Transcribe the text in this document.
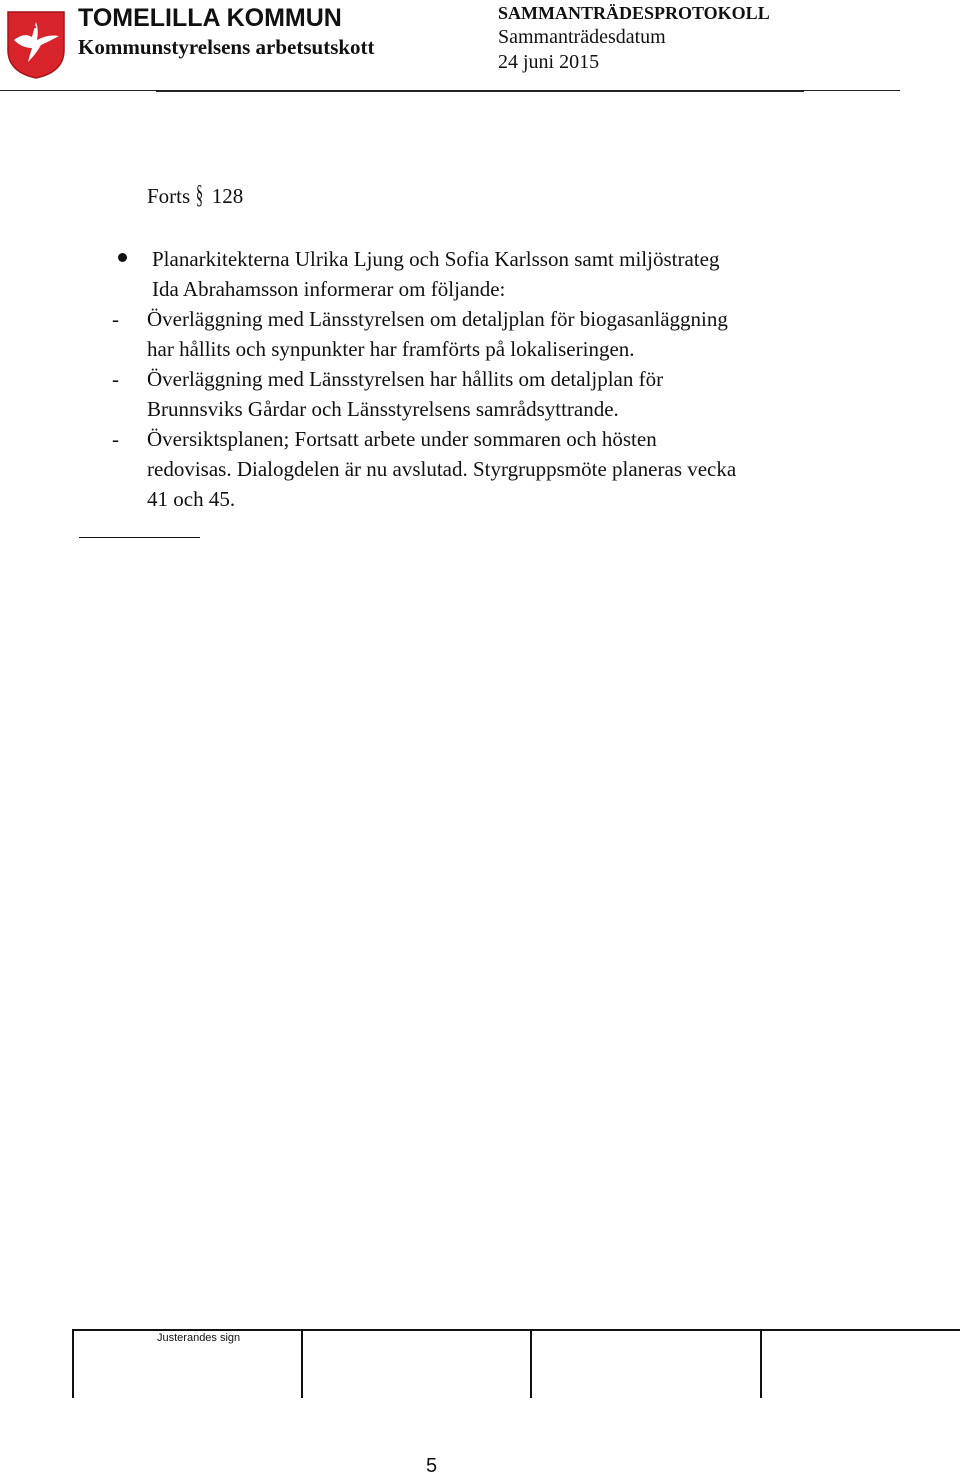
TOMELILLA KOMMUN
Kommunstyrelsens arbetsutskott
SAMMANTRÄDESPROTOKOLL
Sammanträdesdatum
24 juni 2015
Forts § 128
Planarkitekterna Ulrika Ljung och Sofia Karlsson samt miljöstrateg
Ida Abrahamsson informerar om följande:
- Överläggning med Länsstyrelsen om detaljplan för biogasanläggning
har hållits och synpunkter har framförts på lokaliseringen.
- Överläggning med Länsstyrelsen har hållits om detaljplan för
Brunnsviks Gårdar och Länsstyrelsens samrådsyttrande.
- Översiktsplanen; Fortsatt arbete under sommaren och hösten
redovisas. Dialogdelen är nu avslutad. Styrgruppsmöte planeras vecka
41 och 45.
Justerandes sign
5
